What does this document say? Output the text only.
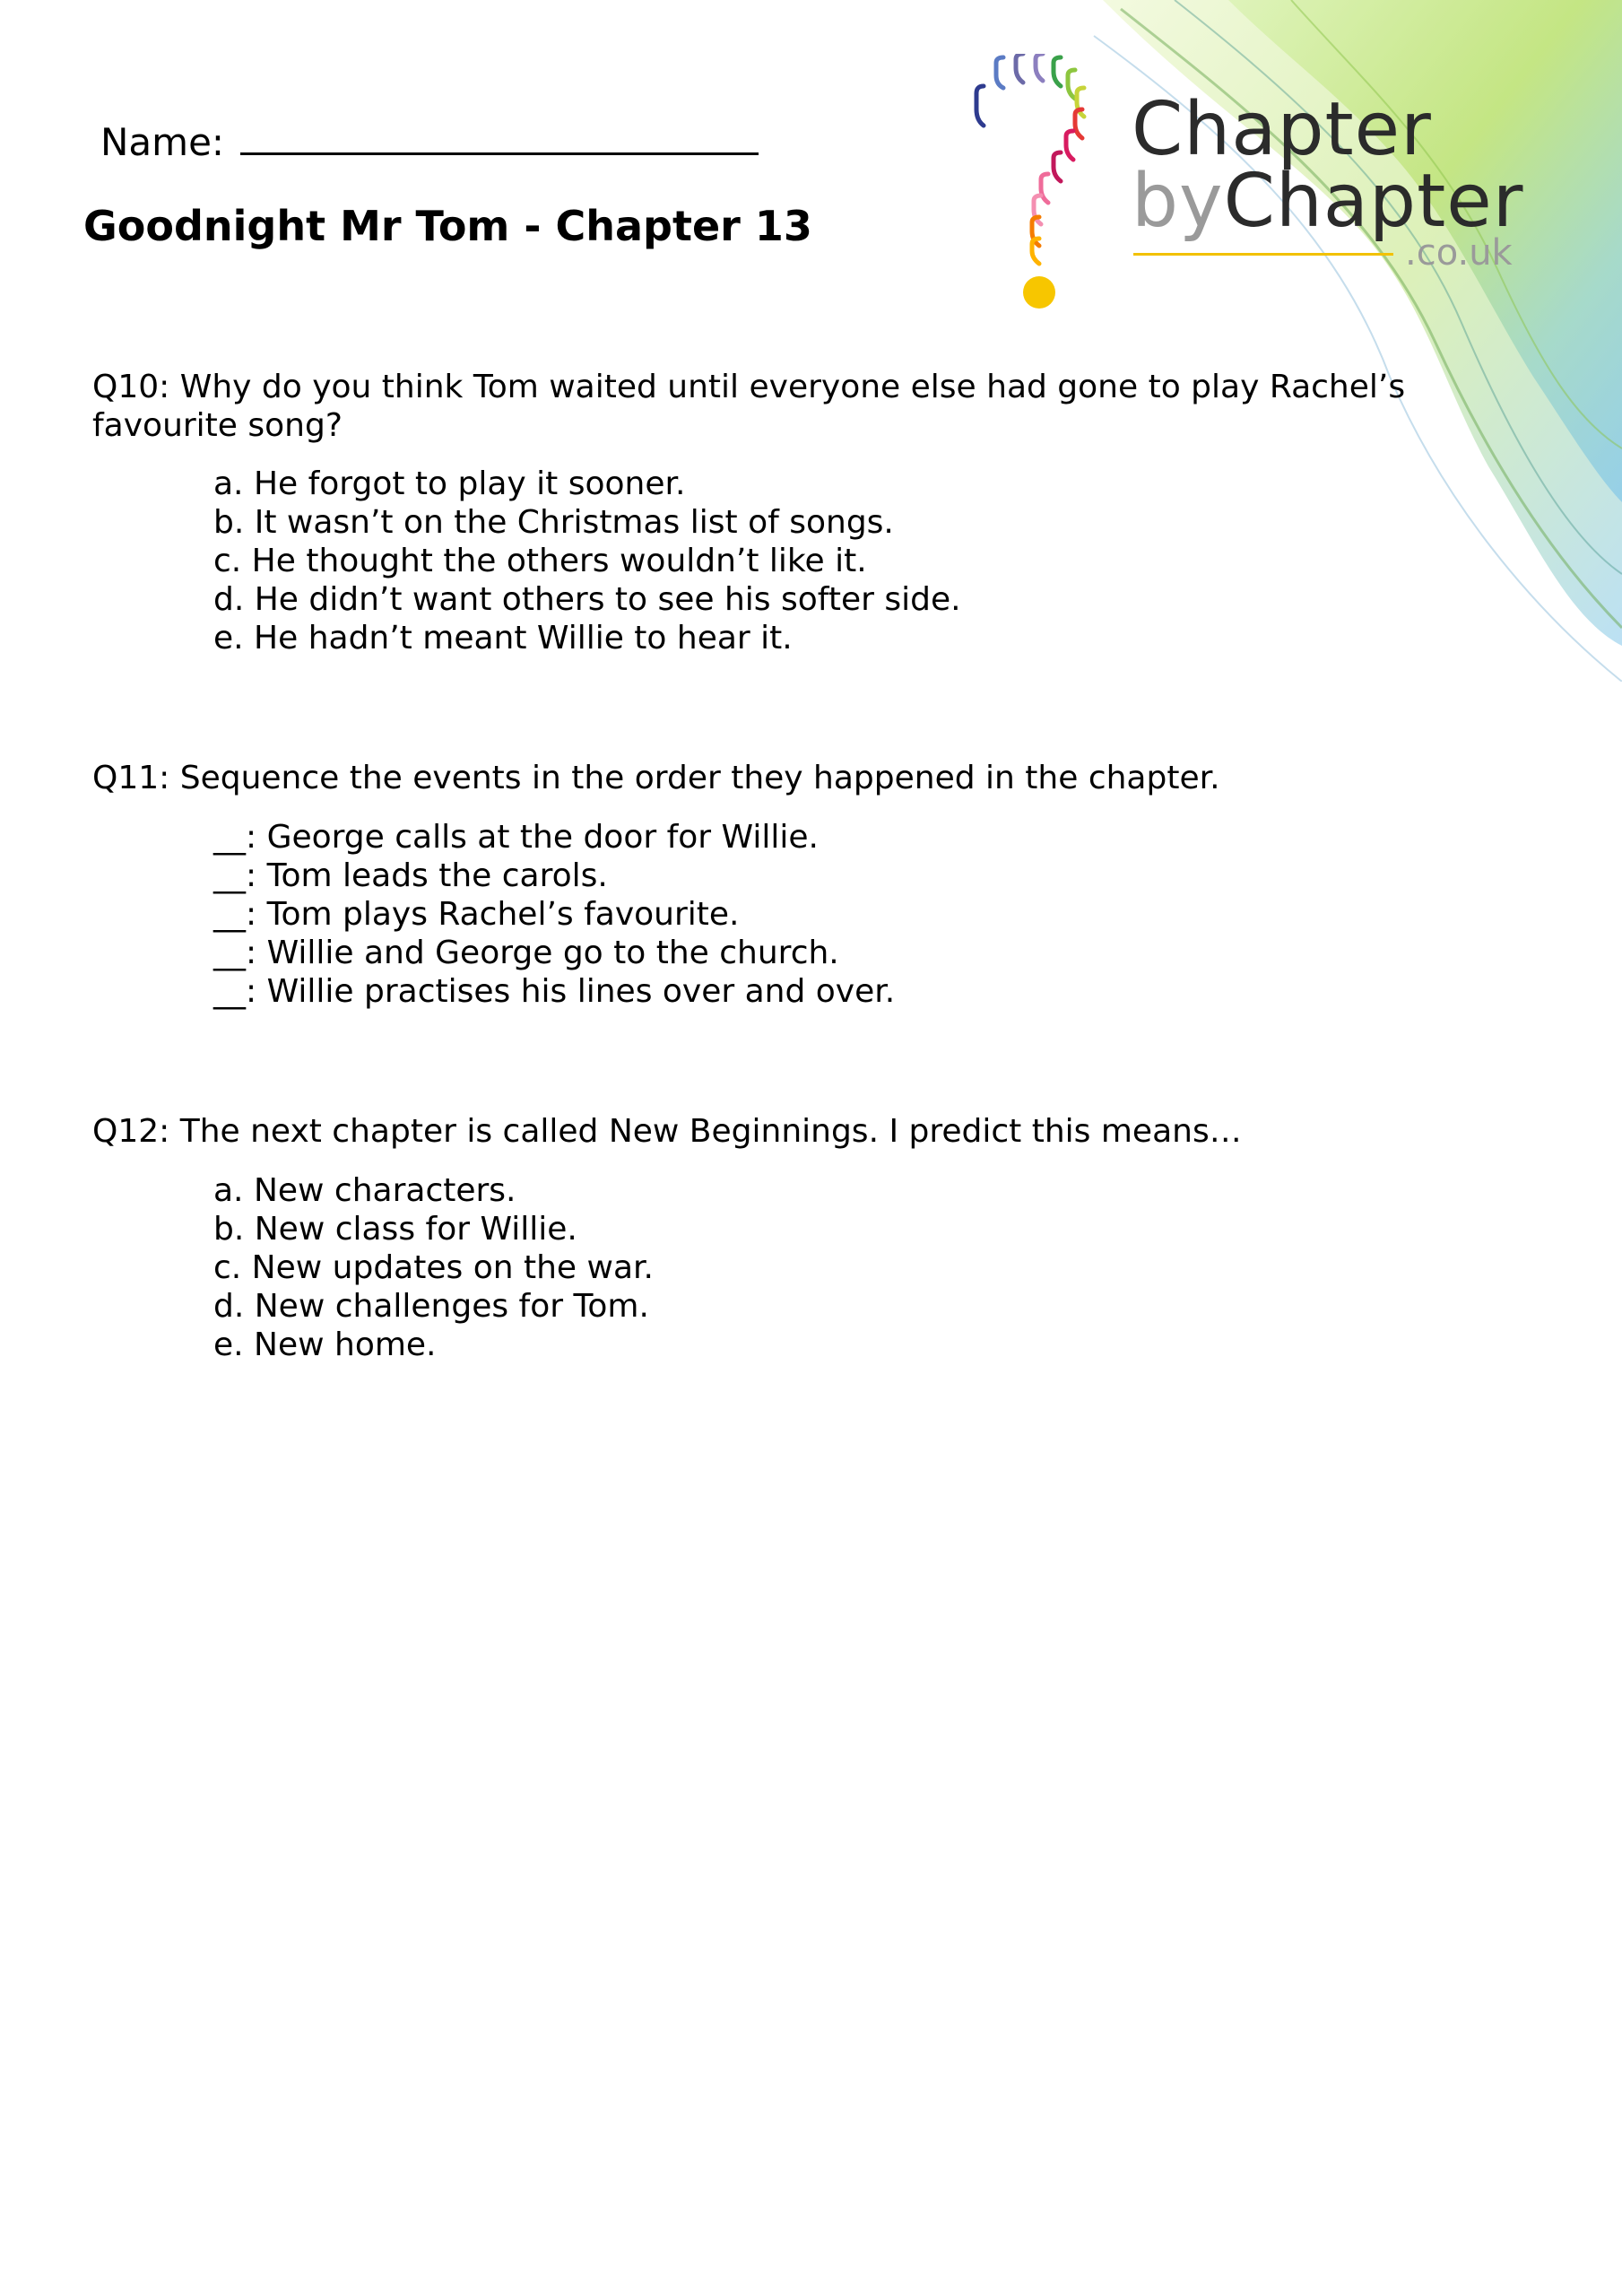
Chapter
byChapter
.co.uk
Name:
Goodnight Mr Tom - Chapter 13
Q10: Why do you think Tom waited until everyone else had gone to play Rachel’s favourite song?
a. He forgot to play it sooner.
b. It wasn’t on the Christmas list of songs.
c. He thought the others wouldn’t like it.
d. He didn’t want others to see his softer side.
e. He hadn’t meant Willie to hear it.
Q11: Sequence the events in the order they happened in the chapter.
__: George calls at the door for Willie.
__: Tom leads the carols.
__: Tom plays Rachel’s favourite.
__: Willie and George go to the church.
__: Willie practises his lines over and over.
Q12: The next chapter is called New Beginnings. I predict this means…
a. New characters.
b. New class for Willie.
c. New updates on the war.
d. New challenges for Tom.
e. New home.
